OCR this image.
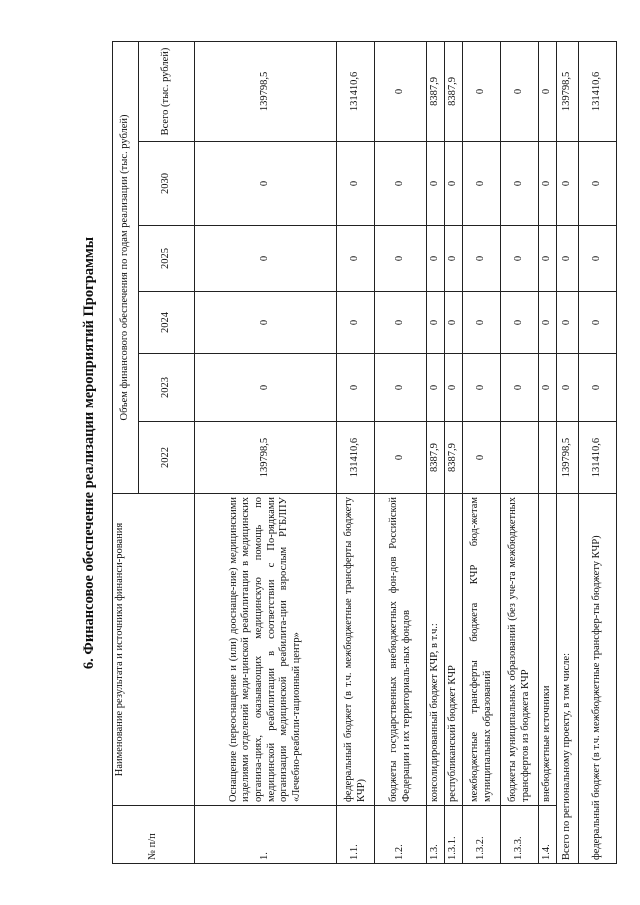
6. Финансовое обеспечение реализации мероприятий Программы
№ п/п	Наименование результата и источники финанси-рования	Объем финансового обеспечения по годам реализации (тыс. рублей)					
		2022	2023	2024	2025	2030	Всего (тыс. рублей)
1.	Оснащение (переоснащение и (или) дооснаще-ние) медицинскими изделиями отделений меди-цинской реабилитации в медицинских организа-циях, оказывающих медицинскую помощь по медицинской реабилитации в соответствии с По-рядками организации медицинской реабилита-ции взрослым РГБЛПУ «Лечебно-реабили-тационный центр»	139798,5	0	0	0	0	139798,5
1.1.	федеральный бюджет (в т.ч. межбюджетные трансферты бюджету КЧР)	131410,6	0	0	0	0	131410,6
1.2.	бюджеты государственных внебюджетных фон-дов Российской Федерации и их территориаль-ных фондов	0	0	0	0	0	0
1.3.	консолидированный бюджет КЧР, в т.ч.:	8387,9	0	0	0	0	8387,9
1.3.1.	республиканский бюджет КЧР	8387,9	0	0	0	0	8387,9
1.3.2.	межбюджетные трансферты бюджета КЧР бюд-жетам муниципальных образований	0	0	0	0	0	0
1.3.3.	бюджеты муниципальных образований (без уче-та межбюджетных трансфертов из бюджета КЧР		0	0	0	0	0
1.4.	внебюджетные источники		0	0	0	0	0
Всего по региональному проекту, в том числе:		139798,5	0	0	0	0	139798,5
федеральный бюджет (в т.ч. межбюджетные трансфер-ты бюджету КЧР)		131410,6	0	0	0	0	131410,6
